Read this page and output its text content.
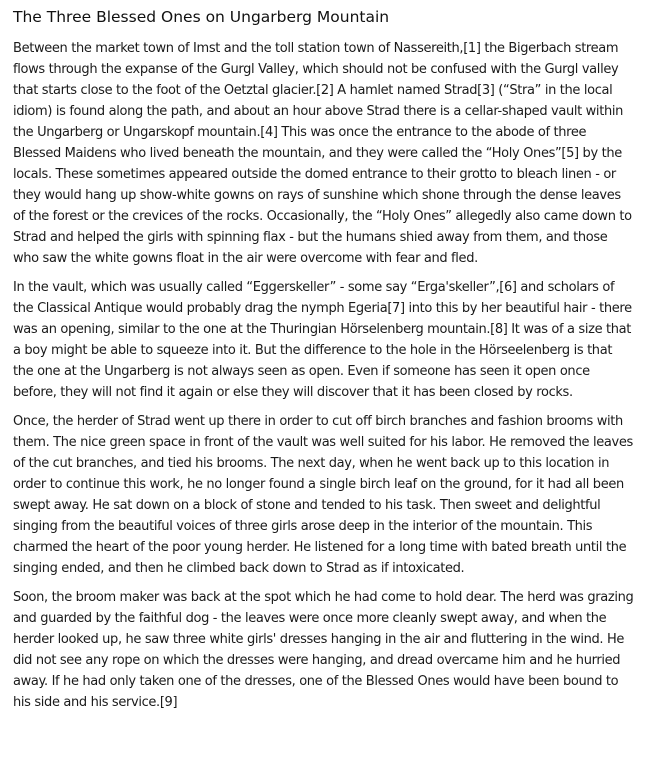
The Three Blessed Ones on Ungarberg Mountain

Between the market town of Imst and the toll station town of Nassereith,[1] the Bigerbach stream flows through the expanse of the Gurgl Valley, which should not be confused with the Gurgl valley that starts close to the foot of the Oetztal glacier.[2] A hamlet named Strad[3] (“Stra” in the local idiom) is found along the path, and about an hour above Strad there is a cellar-shaped vault within the Ungarberg or Ungarskopf mountain.[4] This was once the entrance to the abode of three Blessed Maidens who lived beneath the mountain, and they were called the “Holy Ones”[5] by the locals. These sometimes appeared outside the domed entrance to their grotto to bleach linen - or they would hang up show-white gowns on rays of sunshine which shone through the dense leaves of the forest or the crevices of the rocks. Occasionally, the “Holy Ones” allegedly also came down to Strad and helped the girls with spinning flax - but the humans shied away from them, and those who saw the white gowns float in the air were overcome with fear and fled.

In the vault, which was usually called “Eggerskeller” - some say “Erga'skeller”,[6] and scholars of the Classical Antique would probably drag the nymph Egeria[7] into this by her beautiful hair - there was an opening, similar to the one at the Thuringian Hörselenberg mountain.[8] It was of a size that a boy might be able to squeeze into it. But the difference to the hole in the Hörseelenberg is that the one at the Ungarberg is not always seen as open. Even if someone has seen it open once before, they will not find it again or else they will discover that it has been closed by rocks.

Once, the herder of Strad went up there in order to cut off birch branches and fashion brooms with them. The nice green space in front of the vault was well suited for his labor. He removed the leaves of the cut branches, and tied his brooms. The next day, when he went back up to this location in order to continue this work, he no longer found a single birch leaf on the ground, for it had all been swept away. He sat down on a block of stone and tended to his task. Then sweet and delightful singing from the beautiful voices of three girls arose deep in the interior of the mountain. This charmed the heart of the poor young herder. He listened for a long time with bated breath until the singing ended, and then he climbed back down to Strad as if intoxicated.

Soon, the broom maker was back at the spot which he had come to hold dear. The herd was grazing and guarded by the faithful dog - the leaves were once more cleanly swept away, and when the herder looked up, he saw three white girls' dresses hanging in the air and fluttering in the wind. He did not see any rope on which the dresses were hanging, and dread overcame him and he hurried away. If he had only taken one of the dresses, one of the Blessed Ones would have been bound to his side and his service.[9]
